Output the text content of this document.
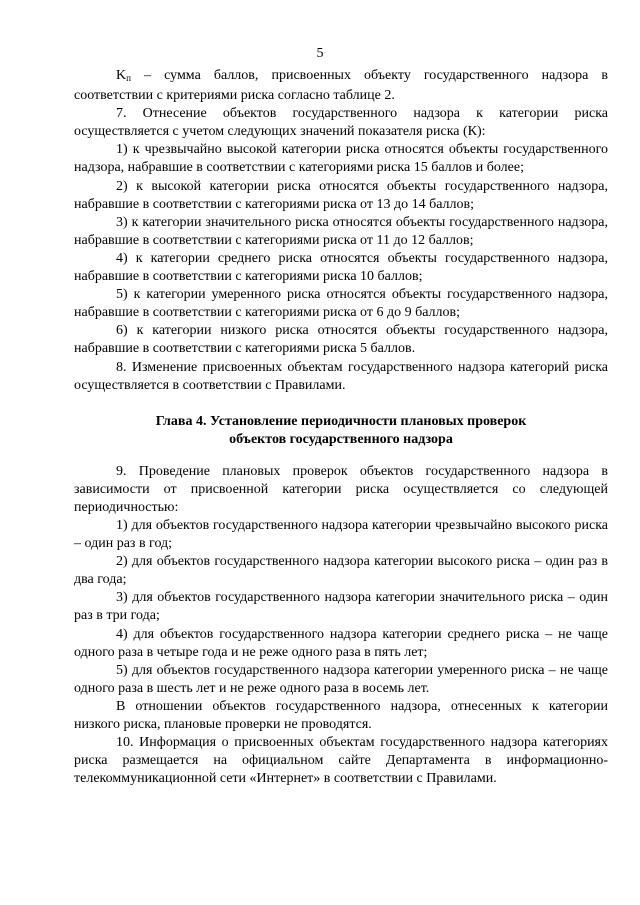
5

$K_п$ – сумма баллов, присвоенных объекту государственного надзора в соответствии с критериями риска согласно таблице 2.

7. Отнесение объектов государственного надзора к категории риска осуществляется с учетом следующих значений показателя риска (К):

1) к чрезвычайно высокой категории риска относятся объекты государственного надзора, набравшие в соответствии с категориями риска 15 баллов и более;

2) к высокой категории риска относятся объекты государственного надзора, набравшие в соответствии с категориями риска от 13 до 14 баллов;

3) к категории значительного риска относятся объекты государственного надзора, набравшие в соответствии с категориями риска от 11 до 12 баллов;

4) к категории среднего риска относятся объекты государственного надзора, набравшие в соответствии с категориями риска 10 баллов;

5) к категории умеренного риска относятся объекты государственного надзора, набравшие в соответствии с категориями риска от 6 до 9 баллов;

6) к категории низкого риска относятся объекты государственного надзора, набравшие в соответствии с категориями риска 5 баллов.

8. Изменение присвоенных объектам государственного надзора категорий риска осуществляется в соответствии с Правилами.

Глава 4. Установление периодичности плановых проверок
объектов государственного надзора

9. Проведение плановых проверок объектов государственного надзора в зависимости от присвоенной категории риска осуществляется со следующей периодичностью:

1) для объектов государственного надзора категории чрезвычайно высокого риска – один раз в год;

2) для объектов государственного надзора категории высокого риска – один раз в два года;

3) для объектов государственного надзора категории значительного риска – один раз в три года;

4) для объектов государственного надзора категории среднего риска – не чаще одного раза в четыре года и не реже одного раза в пять лет;

5) для объектов государственного надзора категории умеренного риска – не чаще одного раза в шесть лет и не реже одного раза в восемь лет.

В отношении объектов государственного надзора, отнесенных к категории низкого риска, плановые проверки не проводятся.

10. Информация о присвоенных объектам государственного надзора категориях риска размещается на официальном сайте Департамента в информационно-телекоммуникационной сети «Интернет» в соответствии с Правилами.
